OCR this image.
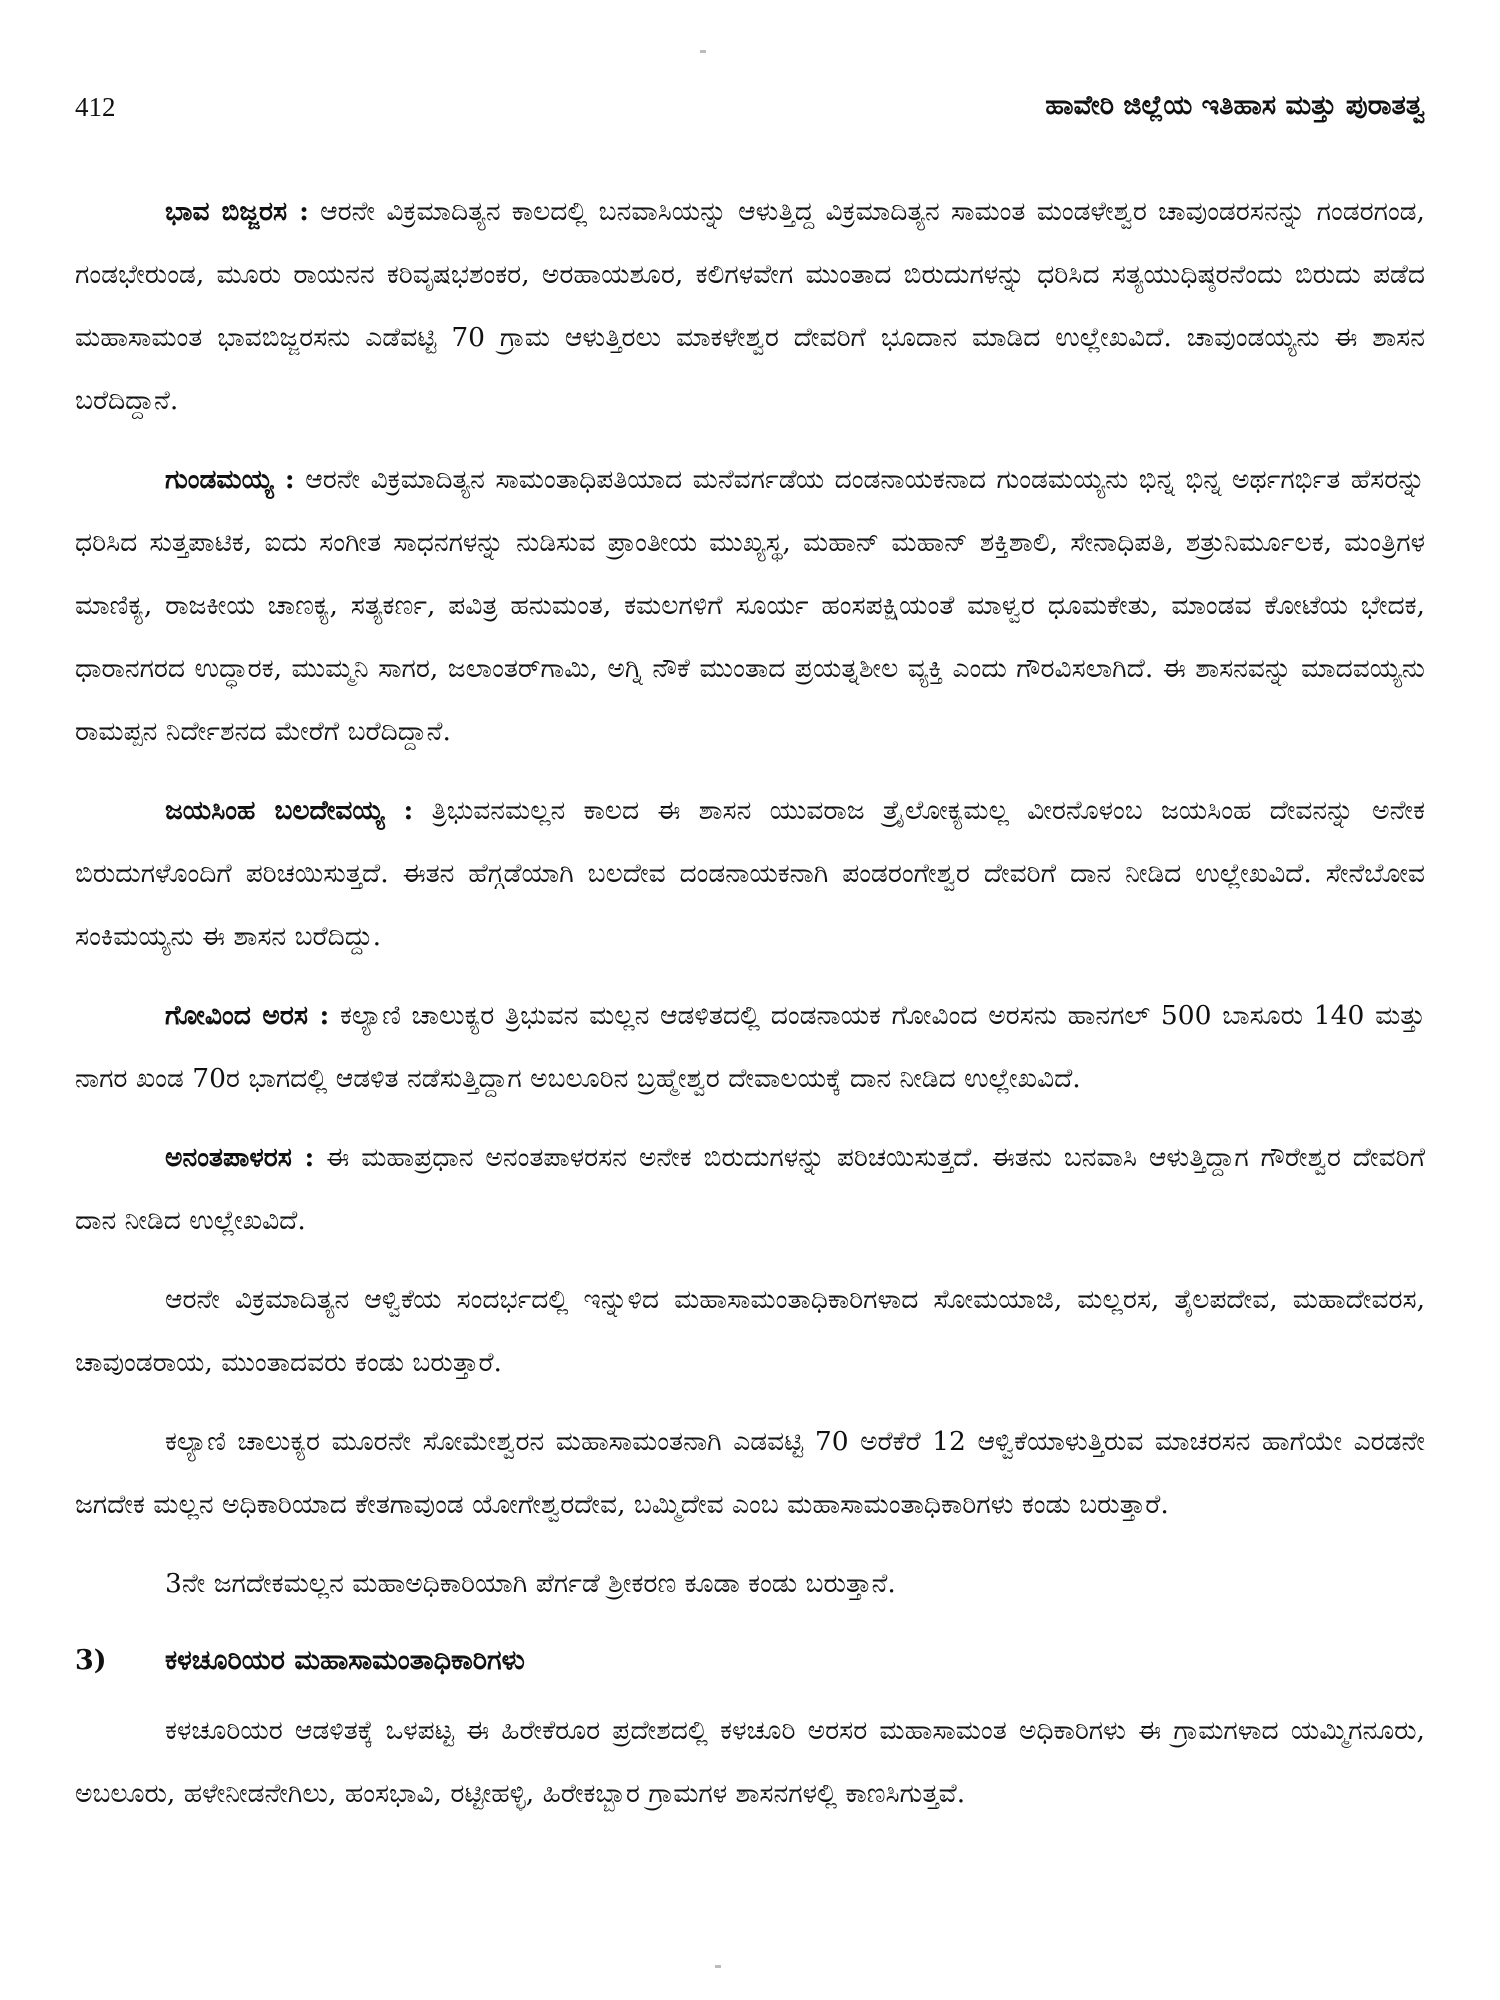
412	ಹಾವೇರಿ ಜಿಲ್ಲೆಯ ಇತಿಹಾಸ ಮತ್ತು ಪುರಾತತ್ವ

ಭಾವ ಬಿಜ್ಜರಸ : ಆರನೇ ವಿಕ್ರಮಾದಿತ್ಯನ ಕಾಲದಲ್ಲಿ ಬನವಾಸಿಯನ್ನು ಆಳುತ್ತಿದ್ದ ವಿಕ್ರಮಾದಿತ್ಯನ ಸಾಮಂತ ಮಂಡಳೇಶ್ವರ ಚಾವುಂಡರಸನನ್ನು ಗಂಡರಗಂಡ, ಗಂಡಭೇರುಂಡ, ಮೂರು ರಾಯನನ ಕರಿವೃಷಭಶಂಕರ, ಅರಹಾಯಶೂರ, ಕಲಿಗಳವೇಗ ಮುಂತಾದ ಬಿರುದುಗಳನ್ನು ಧರಿಸಿದ ಸತ್ಯಯುಧಿಷ್ಠರನೆಂದು ಬಿರುದು ಪಡೆದ ಮಹಾಸಾಮಂತ ಭಾವಬಿಜ್ಜರಸನು ಎಡೆವಟ್ಟಿ 70 ಗ್ರಾಮ ಆಳುತ್ತಿರಲು ಮಾಕಳೇಶ್ವರ ದೇವರಿಗೆ ಭೂದಾನ ಮಾಡಿದ ಉಲ್ಲೇಖವಿದೆ. ಚಾವುಂಡಯ್ಯನು ಈ ಶಾಸನ ಬರೆದಿದ್ದಾನೆ.

ಗುಂಡಮಯ್ಯ : ಆರನೇ ವಿಕ್ರಮಾದಿತ್ಯನ ಸಾಮಂತಾಧಿಪತಿಯಾದ ಮನೆವರ್ಗಡೆಯ ದಂಡನಾಯಕನಾದ ಗುಂಡಮಯ್ಯನು ಭಿನ್ನ ಭಿನ್ನ ಅರ್ಥಗರ್ಭಿತ ಹೆಸರನ್ನು ಧರಿಸಿದ ಸುತ್ತಪಾಟಿಕ, ಐದು ಸಂಗೀತ ಸಾಧನಗಳನ್ನು ನುಡಿಸುವ ಪ್ರಾಂತೀಯ ಮುಖ್ಯಸ್ಥ, ಮಹಾನ್ ಮಹಾನ್ ಶಕ್ತಿಶಾಲಿ, ಸೇನಾಧಿಪತಿ, ಶತ್ರುನಿರ್ಮೂಲಕ, ಮಂತ್ರಿಗಳ ಮಾಣಿಕ್ಯ, ರಾಜಕೀಯ ಚಾಣಕ್ಯ, ಸತ್ಯಕರ್ಣ, ಪವಿತ್ರ ಹನುಮಂತ, ಕಮಲಗಳಿಗೆ ಸೂರ್ಯ ಹಂಸಪಕ್ಷಿಯಂತೆ ಮಾಳ್ವರ ಧೂಮಕೇತು, ಮಾಂಡವ ಕೋಟೆಯ ಭೇದಕ, ಧಾರಾನಗರದ ಉದ್ಧಾರಕ, ಮುಮ್ಮನಿ ಸಾಗರ, ಜಲಾಂತರ್‌ಗಾಮಿ, ಅಗ್ನಿ ನೌಕೆ ಮುಂತಾದ ಪ್ರಯತ್ನಶೀಲ ವ್ಯಕ್ತಿ ಎಂದು ಗೌರವಿಸಲಾಗಿದೆ. ಈ ಶಾಸನವನ್ನು ಮಾದವಯ್ಯನು ರಾಮಪ್ಪನ ನಿರ್ದೇಶನದ ಮೇರೆಗೆ ಬರೆದಿದ್ದಾನೆ.

ಜಯಸಿಂಹ ಬಲದೇವಯ್ಯ : ತ್ರಿಭುವನಮಲ್ಲನ ಕಾಲದ ಈ ಶಾಸನ ಯುವರಾಜ ತ್ರೈಲೋಕ್ಯಮಲ್ಲ ವೀರನೊಳಂಬ ಜಯಸಿಂಹ ದೇವನನ್ನು ಅನೇಕ ಬಿರುದುಗಳೊಂದಿಗೆ ಪರಿಚಯಿಸುತ್ತದೆ. ಈತನ ಹೆಗ್ಗಡೆಯಾಗಿ ಬಲದೇವ ದಂಡನಾಯಕನಾಗಿ ಪಂಡರಂಗೇಶ್ವರ ದೇವರಿಗೆ ದಾನ ನೀಡಿದ ಉಲ್ಲೇಖವಿದೆ. ಸೇನೆಬೋವ ಸಂಕಿಮಯ್ಯನು ಈ ಶಾಸನ ಬರೆದಿದ್ದು.

ಗೋವಿಂದ ಅರಸ : ಕಲ್ಯಾಣಿ ಚಾಲುಕ್ಯರ ತ್ರಿಭುವನ ಮಲ್ಲನ ಆಡಳಿತದಲ್ಲಿ ದಂಡನಾಯಕ ಗೋವಿಂದ ಅರಸನು ಹಾನಗಲ್ 500 ಬಾಸೂರು 140 ಮತ್ತು ನಾಗರ ಖಂಡ 70ರ ಭಾಗದಲ್ಲಿ ಆಡಳಿತ ನಡೆಸುತ್ತಿದ್ದಾಗ ಅಬಲೂರಿನ ಬ್ರಹ್ಮೇಶ್ವರ ದೇವಾಲಯಕ್ಕೆ ದಾನ ನೀಡಿದ ಉಲ್ಲೇಖವಿದೆ.

ಅನಂತಪಾಳರಸ : ಈ ಮಹಾಪ್ರಧಾನ ಅನಂತಪಾಳರಸನ ಅನೇಕ ಬಿರುದುಗಳನ್ನು ಪರಿಚಯಿಸುತ್ತದೆ. ಈತನು ಬನವಾಸಿ ಆಳುತ್ತಿದ್ದಾಗ ಗೌರೇಶ್ವರ ದೇವರಿಗೆ ದಾನ ನೀಡಿದ ಉಲ್ಲೇಖವಿದೆ.

ಆರನೇ ವಿಕ್ರಮಾದಿತ್ಯನ ಆಳ್ವಿಕೆಯ ಸಂದರ್ಭದಲ್ಲಿ ಇನ್ನುಳಿದ ಮಹಾಸಾಮಂತಾಧಿಕಾರಿಗಳಾದ ಸೋಮಯಾಜಿ, ಮಲ್ಲರಸ, ತೈಲಪದೇವ, ಮಹಾದೇವರಸ, ಚಾವುಂಡರಾಯ, ಮುಂತಾದವರು ಕಂಡು ಬರುತ್ತಾರೆ.

ಕಲ್ಯಾಣಿ ಚಾಲುಕ್ಯರ ಮೂರನೇ ಸೋಮೇಶ್ವರನ ಮಹಾಸಾಮಂತನಾಗಿ ಎಡವಟ್ಟಿ 70 ಅರೆಕೆರೆ 12 ಆಳ್ವಿಕೆಯಾಳುತ್ತಿರುವ ಮಾಚರಸನ ಹಾಗೆಯೇ ಎರಡನೇ ಜಗದೇಕ ಮಲ್ಲನ ಅಧಿಕಾರಿಯಾದ ಕೇತಗಾವುಂಡ ಯೋಗೇಶ್ವರದೇವ, ಬಮ್ಮಿದೇವ ಎಂಬ ಮಹಾಸಾಮಂತಾಧಿಕಾರಿಗಳು ಕಂಡು ಬರುತ್ತಾರೆ.

3ನೇ ಜಗದೇಕಮಲ್ಲನ ಮಹಾಅಧಿಕಾರಿಯಾಗಿ ಪೆರ್ಗಡೆ ಶ್ರೀಕರಣ ಕೂಡಾ ಕಂಡು ಬರುತ್ತಾನೆ.

3) ಕಳಚೂರಿಯರ ಮಹಾಸಾಮಂತಾಧಿಕಾರಿಗಳು

ಕಳಚೂರಿಯರ ಆಡಳಿತಕ್ಕೆ ಒಳಪಟ್ಟ ಈ ಹಿರೇಕೆರೂರ ಪ್ರದೇಶದಲ್ಲಿ ಕಳಚೂರಿ ಅರಸರ ಮಹಾಸಾಮಂತ ಅಧಿಕಾರಿಗಳು ಈ ಗ್ರಾಮಗಳಾದ ಯಮ್ಮಿಗನೂರು, ಅಬಲೂರು, ಹಳೇನೀಡನೇಗಿಲು, ಹಂಸಭಾವಿ, ರಟ್ಟೀಹಳ್ಳಿ, ಹಿರೇಕಬ್ಬಾರ ಗ್ರಾಮಗಳ ಶಾಸನಗಳಲ್ಲಿ ಕಾಣಸಿಗುತ್ತವೆ.
